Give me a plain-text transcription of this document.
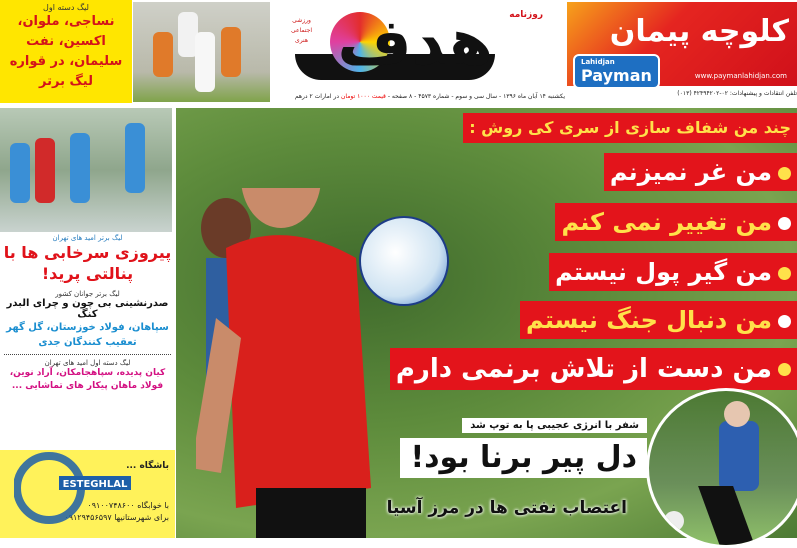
لیگ دسته اول
نساجی، ملوان، اکسین، نفت سلیمان، در قواره لیگ برتر
هدف روزنامه
ورزشی
اجتماعی
هنری
یکشنبه ۱۴ آبان ماه ۱۳۹۶ - سال سی و سوم - شماره ۴۵۷۳ - ۸ صفحه - قیمت ۱۰۰۰ تومان در امارات ۲ درهم
کلوچه پیمان
Lahidjan
Payman	www.paymanlahidjan.com
تلفن انتقادات و پیشنهادات: ۰۲-۴۲۴۹۴۲۰۲ (۰۱۳)
لیگ برتر امید های تهران
پیروزی سرخابی ها با پنالتی پرید!
لیگ برتر جوانان کشور
صدرنشینی بی چون و چرای البدر کنگ
سپاهان، فولاد خوزستان، گل گهر تعقیب کنندگان جدی
لیگ دسته اول امید های تهران
کیان پدیده، سپاهجامکان، آراد نوین، فولاد ماهان پیکار های تماشایی ...
باشگاه ...
با خوابگاه ۰۹۱۰۰۷۴۸۶۰۰
برای شهرستانیها ۰۹۱۲۹۴۵۶۵۹۷
ESTEGHLAL
چند من شفاف سازی از سری کی روش :
من غر نمیزنم
من تغییر نمی کنم
من گیر پول نیستم
من دنبال جنگ نیستم
من دست از تلاش برنمی دارم
شفر با انرژی عجیبی پا به توپ شد
دل پیر برنا بود!
اعتصاب نفتی ها در مرز آسیا
